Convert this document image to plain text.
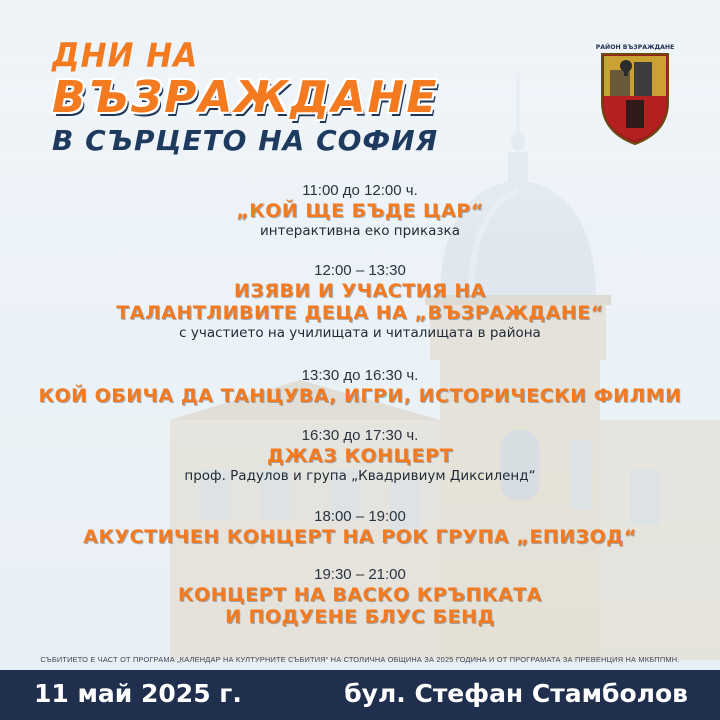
ДНИ НА
ВЪЗРАЖДАНЕ
В СЪРЦЕТО НА СОФИЯ
РАЙОН ВЪЗРАЖДАНЕ
11:00 до 12:00 ч.
„КОЙ ЩЕ БЪДЕ ЦАР“
интерактивна еко приказка
12:00 – 13:30
ИЗЯВИ И УЧАСТИЯ НА
ТАЛАНТЛИВИТЕ ДЕЦА НА „ВЪЗРАЖДАНЕ“
с участието на училищата и читалищата в района
13:30 до 16:30 ч.
КОЙ ОБИЧА ДА ТАНЦУВА, ИГРИ, ИСТОРИЧЕСКИ ФИЛМИ
16:30 до 17:30 ч.
ДЖАЗ КОНЦЕРТ
проф. Радулов и група „Квадривиум Диксиленд“
18:00 – 19:00
АКУСТИЧЕН КОНЦЕРТ НА РОК ГРУПА „ЕПИЗОД“
19:30 – 21:00
КОНЦЕРТ НА ВАСКО КРЪПКАТА
И ПОДУЕНЕ БЛУС БЕНД
СЪБИТИЕТО Е ЧАСТ ОТ ПРОГРАМА „КАЛЕНДАР НА КУЛТУРНИТЕ СЪБИТИЯ“ НА СТОЛИЧНА ОБЩИНА ЗА 2025 ГОДИНА И ОТ ПРОГРАМАТА ЗА ПРЕВЕНЦИЯ НА МКБППМН.
11 май 2025 г.	бул. Стефан Стамболов
